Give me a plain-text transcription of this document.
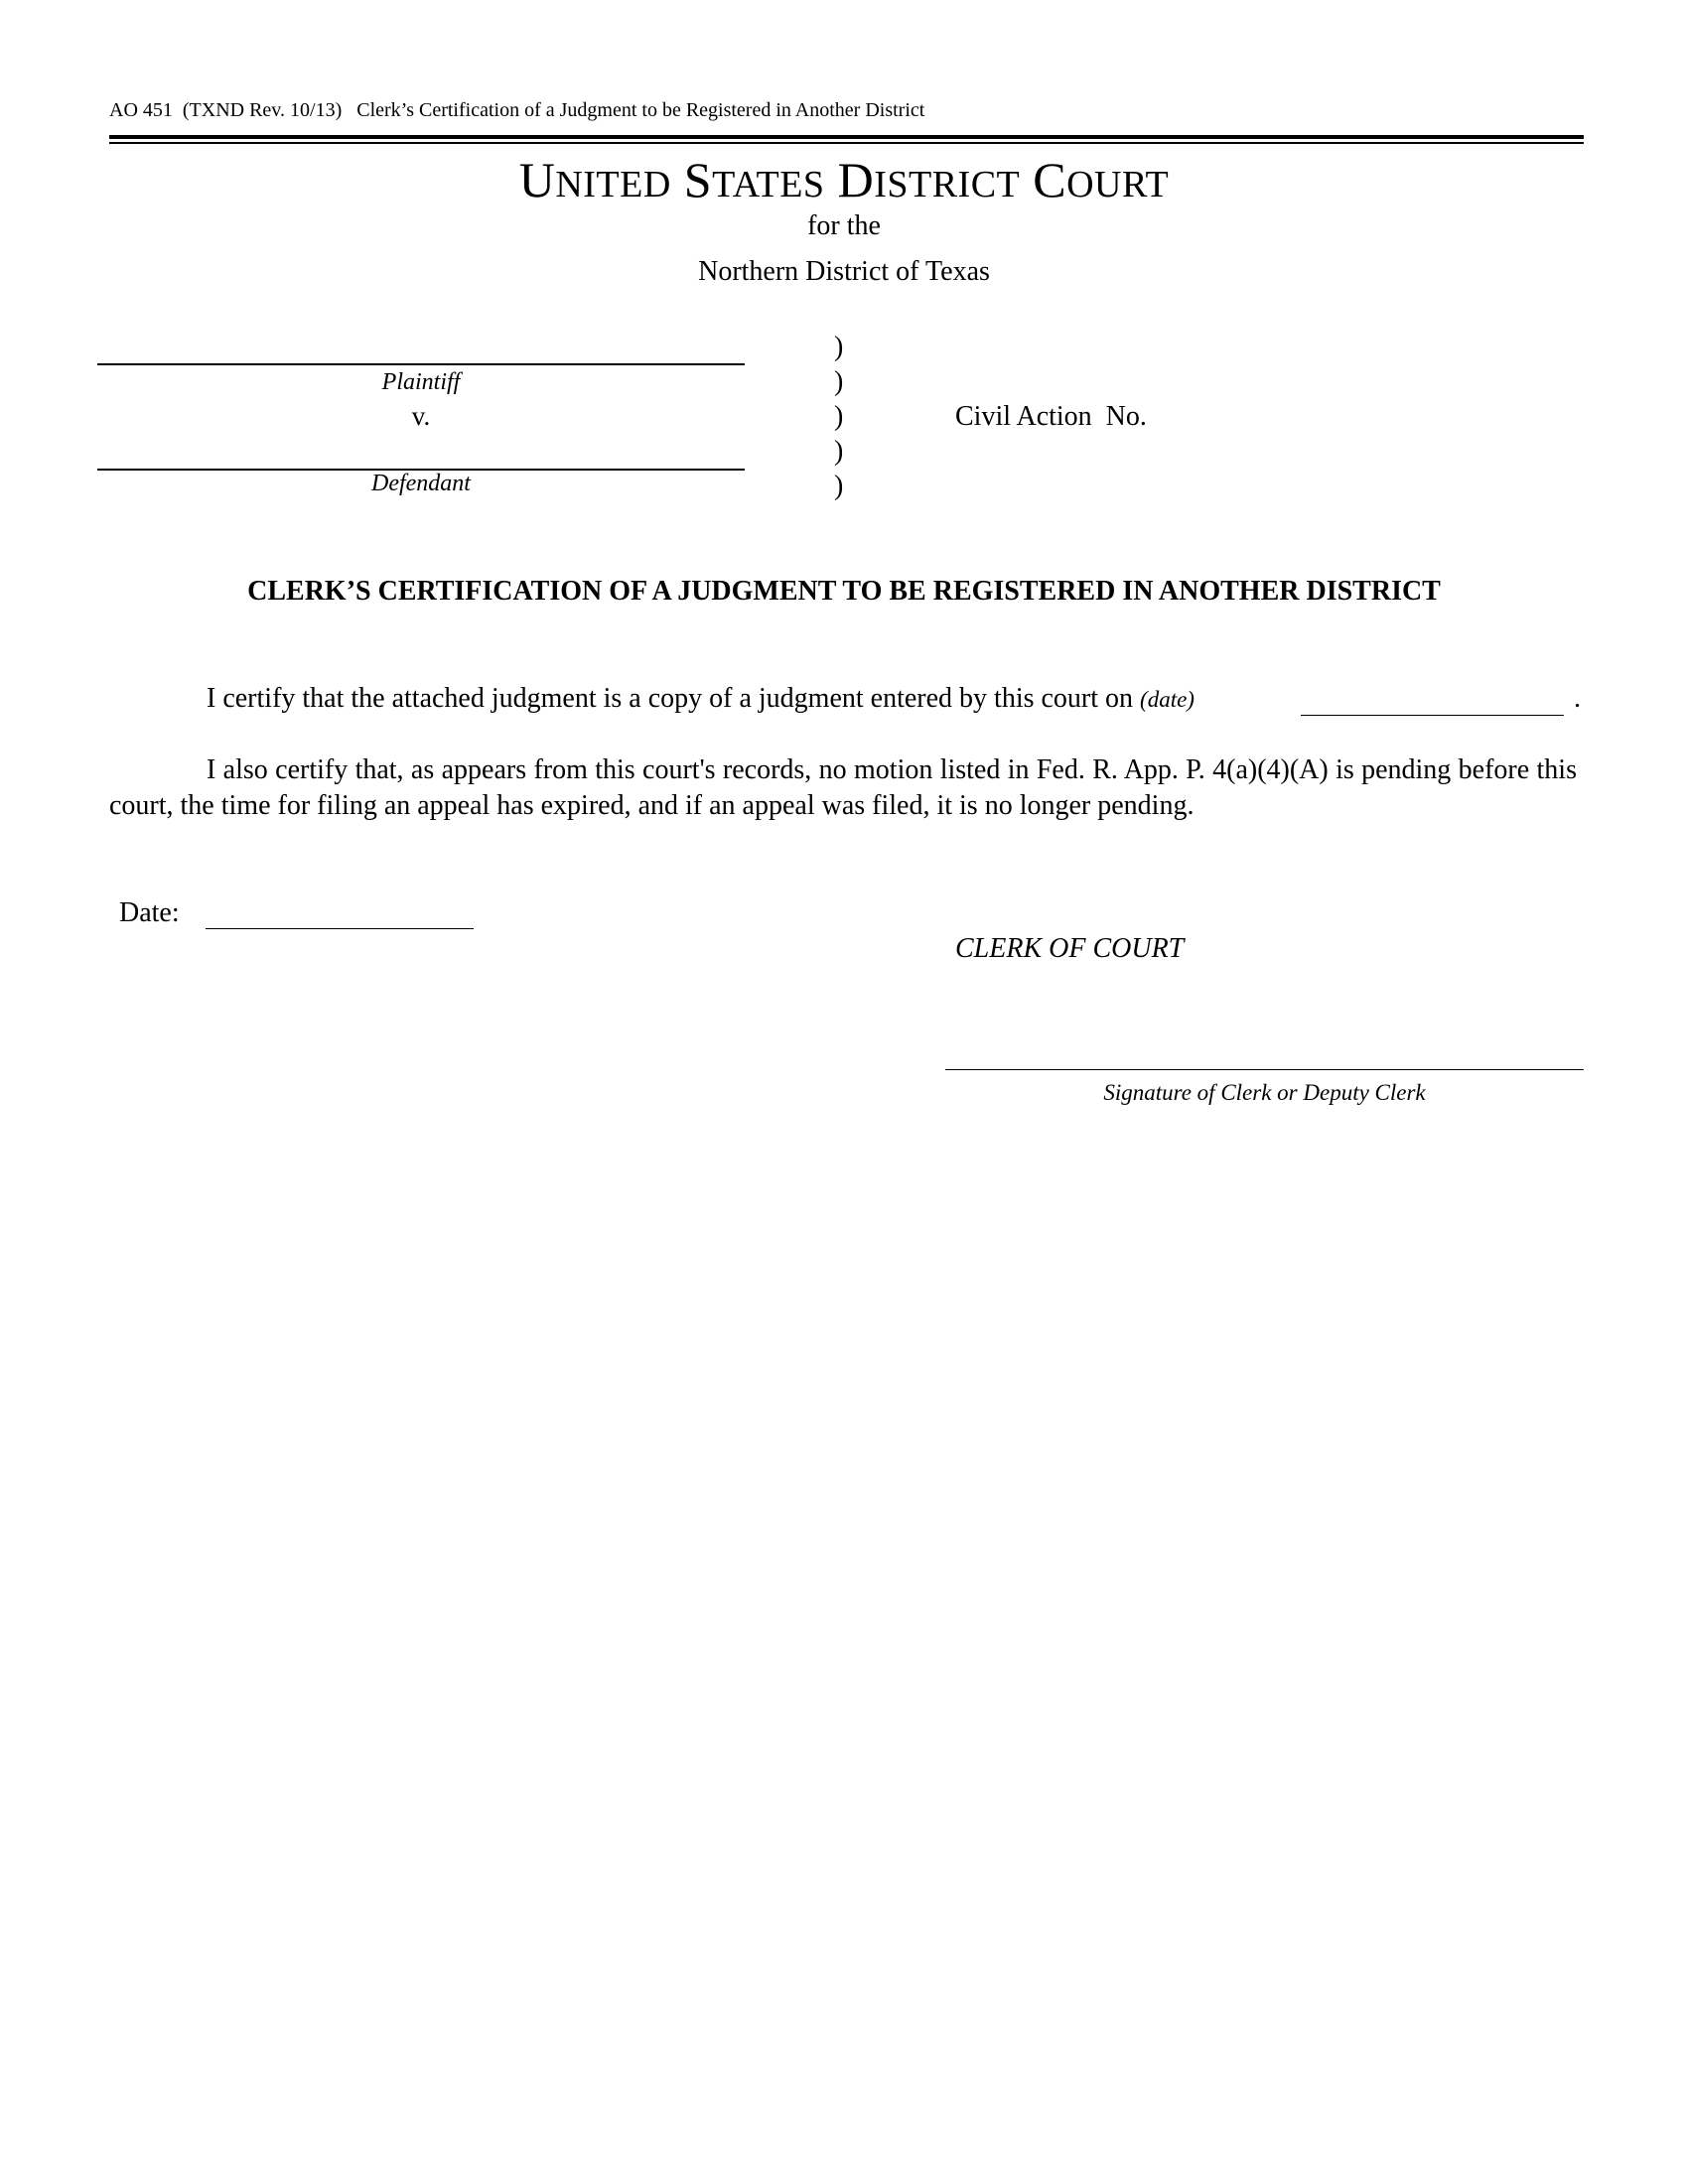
AO 451  (TXND Rev. 10/13)   Clerk’s Certification of a Judgment to be Registered in Another District
UNITED STATES DISTRICT COURT
for the
Northern District of Texas
Plaintiff
v.
Defendant
)
)
)
)
)
Civil Action  No.
CLERK’S CERTIFICATION OF A JUDGMENT TO BE REGISTERED IN ANOTHER DISTRICT
I certify that the attached judgment is a copy of a judgment entered by this court on (date)	.
I also certify that, as appears from this court's records, no motion listed in Fed. R. App. P. 4(a)(4)(A) is pending before this court, the time for filing an appeal has expired, and if an appeal was filed, it is no longer pending.
Date:
CLERK OF COURT
Signature of Clerk or Deputy Clerk
